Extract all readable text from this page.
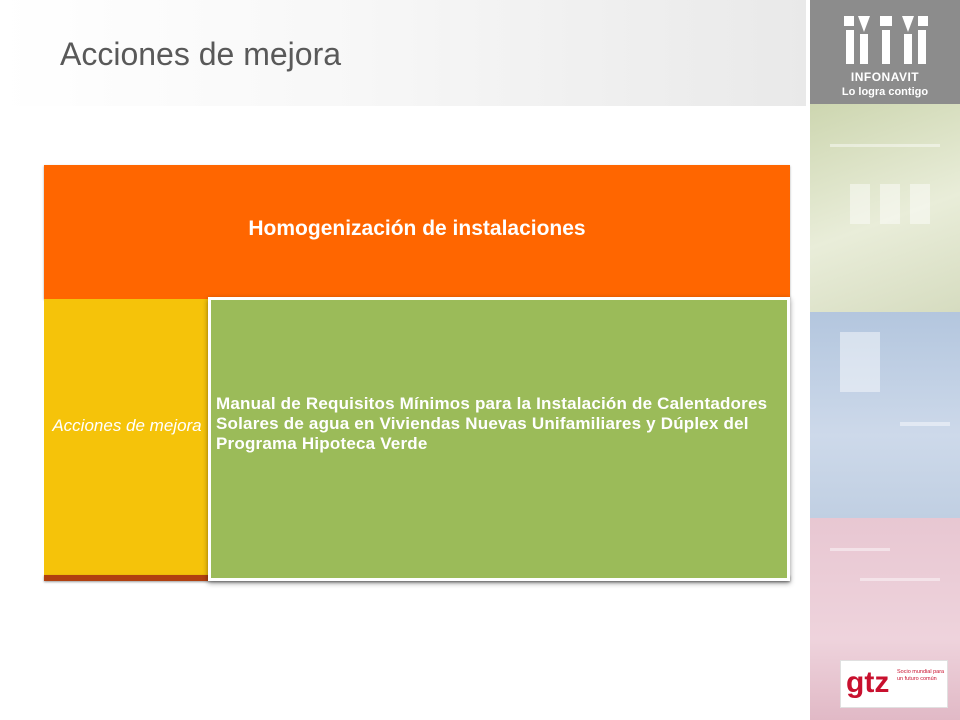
Acciones de mejora
INFONAVIT
Lo logra contigo
gtz Socio mundial para un futuro común
Homogenización de instalaciones
Acciones de mejora
Manual de Requisitos Mínimos para la Instalación de Calentadores Solares de agua en Viviendas Nuevas Unifamiliares y Dúplex del Programa Hipoteca Verde
